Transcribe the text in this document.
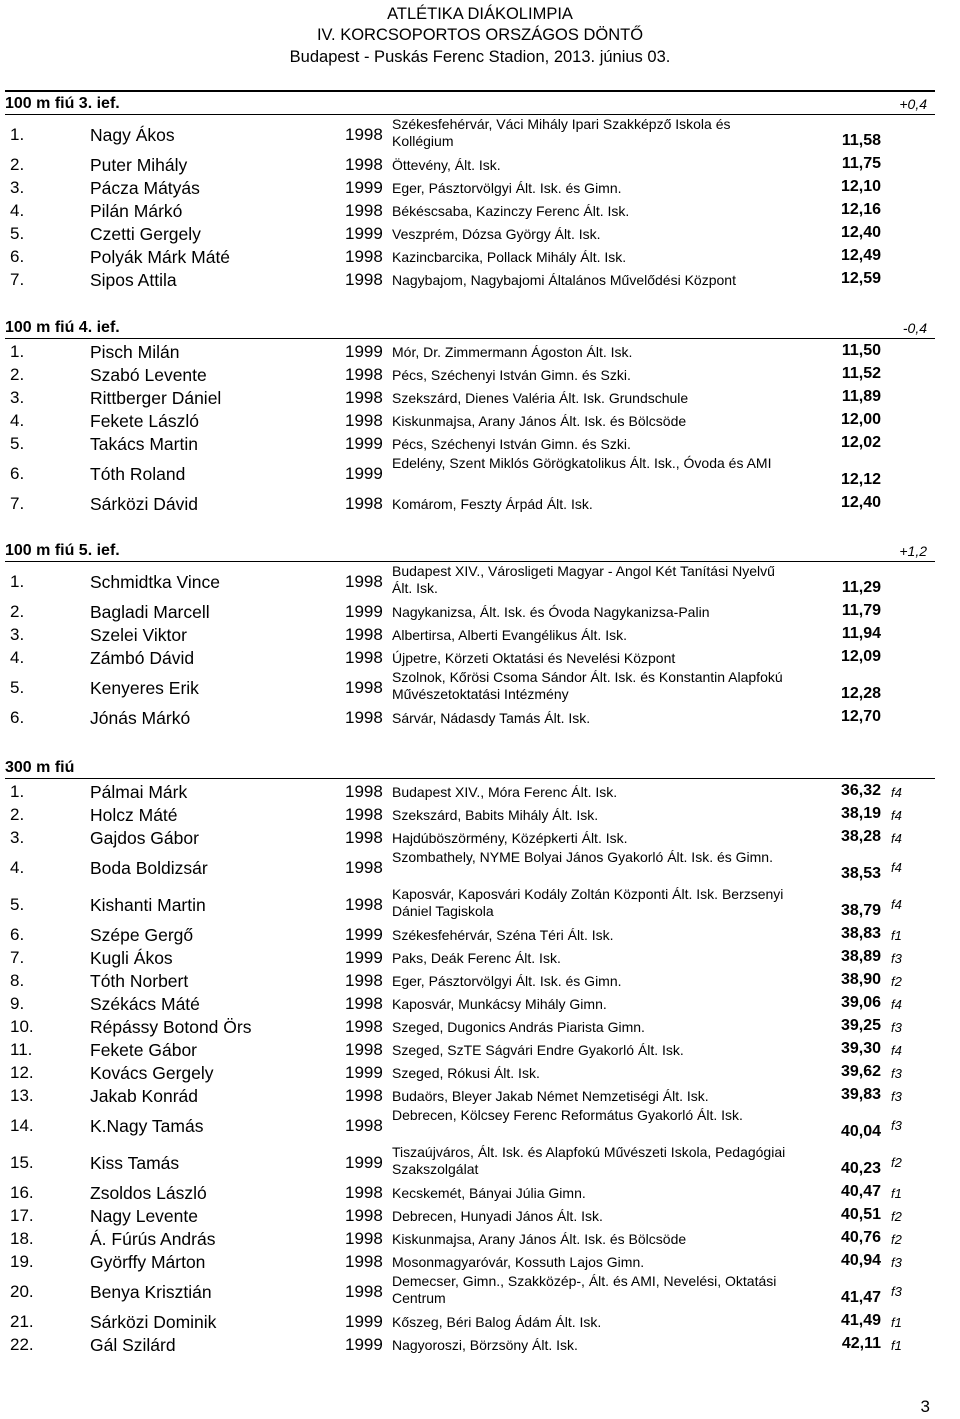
ATLÉTIKA DIÁKOLIMPIA
IV. KORCSOPORTOS ORSZÁGOS DÖNTŐ
Budapest - Puskás Ferenc Stadion, 2013. június 03.
100 m fiú 3. ief.	+0,4
1.	Nagy Ákos	1998
Székesfehérvár, Váci Mihály Ipari Szakképző Iskola és Kollégium	11,58
2.	Puter Mihály	1998 Öttevény, Ált. Isk.	11,75
3.	Pácza Mátyás	1999 Eger, Pásztorvölgyi Ált. Isk. és Gimn.	12,10
4.	Pilán Márkó	1998 Békéscsaba, Kazinczy Ferenc Ált. Isk.	12,16
5.	Czetti Gergely	1999 Veszprém, Dózsa György Ált. Isk.	12,40
6.	Polyák Márk Máté	1998 Kazincbarcika, Pollack Mihály Ált. Isk.	12,49
7.	Sipos Attila	1998 Nagybajom, Nagybajomi Általános Művelődési Központ	12,59
100 m fiú 4. ief.	-0,4
1.	Pisch Milán	1999 Mór, Dr. Zimmermann Ágoston Ált. Isk.	11,50
2.	Szabó Levente	1998 Pécs, Széchenyi István Gimn. és Szki.	11,52
3.	Rittberger Dániel	1998 Szekszárd, Dienes Valéria Ált. Isk. Grundschule	11,89
4.	Fekete László	1998 Kiskunmajsa, Arany János Ált. Isk. és Bölcsöde	12,00
5.	Takács Martin	1999 Pécs, Széchenyi István Gimn. és Szki.	12,02
6.	Tóth Roland	1999
Edelény, Szent Miklós Görögkatolikus Ált. Isk., Óvoda és AMI
12,12
7.	Sárközi Dávid	1998 Komárom, Feszty Árpád Ált. Isk.	12,40
100 m fiú 5. ief.	+1,2
1.	Schmidtka Vince	1998
Budapest XIV., Városligeti Magyar - Angol Két Tanítási Nyelvű Ált. Isk.	11,29
2.	Bagladi Marcell	1999 Nagykanizsa, Ált. Isk. és Óvoda Nagykanizsa-Palin	11,79
3.	Szelei Viktor	1998 Albertirsa, Alberti Evangélikus Ált. Isk.	11,94
4.	Zámbó Dávid	1998 Újpetre, Körzeti Oktatási és Nevelési Központ	12,09
5.	Kenyeres Erik	1998
Szolnok, Kőrösi Csoma Sándor Ált. Isk. és Konstantin Alapfokú Művészetoktatási Intézmény	12,28
6.	Jónás Márkó	1998 Sárvár, Nádasdy Tamás Ált. Isk.	12,70
300 m fiú
1.	Pálmai Márk	1998 Budapest XIV., Móra Ferenc Ált. Isk.	36,32 f4
2.	Holcz Máté	1998 Szekszárd, Babits Mihály Ált. Isk.	38,19 f4
3.	Gajdos Gábor	1998 Hajdúböszörmény, Középkerti Ált. Isk.	38,28 f4
4.	Boda Boldizsár	1998
Szombathely, NYME Bolyai János Gyakorló Ált. Isk. és Gimn.
38,53 f4
5.	Kishanti Martin	1998
Kaposvár, Kaposvári Kodály Zoltán Központi Ált. Isk. Berzsenyi Dániel Tagiskola	38,79 f4
6.	Szépe Gergő	1999 Székesfehérvár, Széna Téri Ált. Isk.	38,83 f1
7.	Kugli Ákos	1999 Paks, Deák Ferenc Ált. Isk.	38,89 f3
8.	Tóth Norbert	1998 Eger, Pásztorvölgyi Ált. Isk. és Gimn.	38,90 f2
9.	Székács Máté	1998 Kaposvár, Munkácsy Mihály Gimn.	39,06 f4
10.	Répássy Botond Örs	1998 Szeged, Dugonics András Piarista Gimn.	39,25 f3
11.	Fekete Gábor	1998 Szeged, SzTE Ságvári Endre Gyakorló Ált. Isk.	39,30 f4
12.	Kovács Gergely	1999 Szeged, Rókusi Ált. Isk.	39,62 f3
13.	Jakab Konrád	1998 Budaörs, Bleyer Jakab Német Nemzetiségi Ált. Isk.	39,83 f3
14.	K.Nagy Tamás	1998
Debrecen, Kölcsey Ferenc Református Gyakorló Ált. Isk.
40,04 f3
15.	Kiss Tamás	1999
Tiszaújváros, Ált. Isk. és Alapfokú Művészeti Iskola, Pedagógiai Szakszolgálat	40,23 f2
16.	Zsoldos László	1998 Kecskemét, Bányai Júlia Gimn.	40,47 f1
17.	Nagy Levente	1998 Debrecen, Hunyadi János Ált. Isk.	40,51 f2
18.	Á. Fúrús András	1998 Kiskunmajsa, Arany János Ált. Isk. és Bölcsöde	40,76 f2
19.	Györffy Márton	1998 Mosonmagyaróvár, Kossuth Lajos Gimn.	40,94 f3
20.	Benya Krisztián	1998
Demecser, Gimn., Szakközép-, Ált. és AMI, Nevelési, Oktatási Centrum	41,47 f3
21.	Sárközi Dominik	1999 Kőszeg, Béri Balog Ádám Ált. Isk.	41,49 f1
22.	Gál Szilárd	1999 Nagyoroszi, Börzsöny Ált. Isk.	42,11 f1
3
